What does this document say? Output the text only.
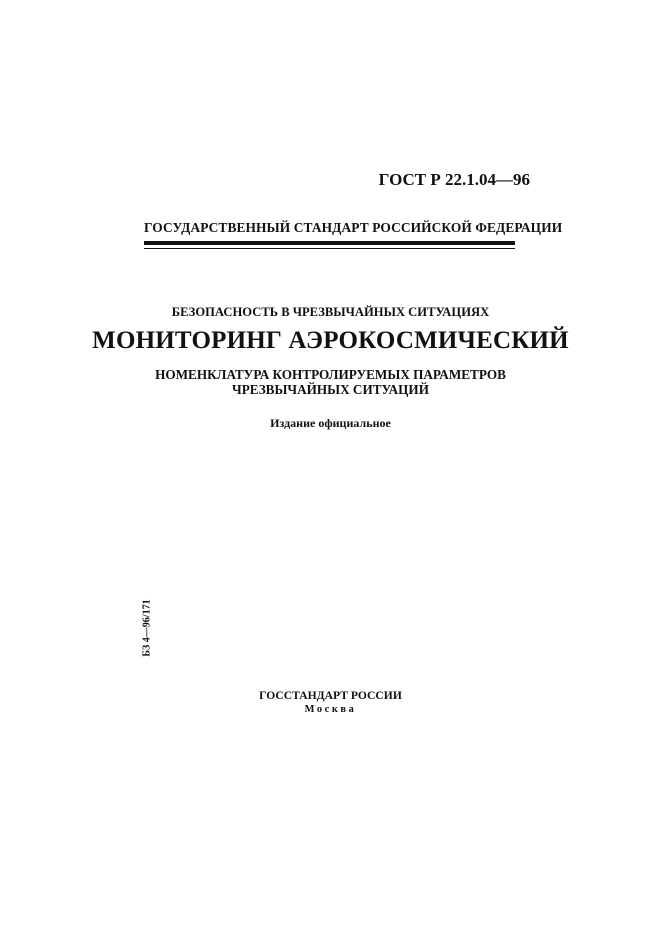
ГОСТ Р 22.1.04—96
ГОСУДАРСТВЕННЫЙ СТАНДАРТ РОССИЙСКОЙ ФЕДЕРАЦИИ
БЕЗОПАСНОСТЬ В ЧРЕЗВЫЧАЙНЫХ СИТУАЦИЯХ
МОНИТОРИНГ АЭРОКОСМИЧЕСКИЙ
НОМЕНКЛАТУРА КОНТРОЛИРУЕМЫХ ПАРАМЕТРОВ
ЧРЕЗВЫЧАЙНЫХ СИТУАЦИЙ
Издание официальное
БЗ 4—96/171
ГОССТАНДАРТ РОССИИ
Москва
